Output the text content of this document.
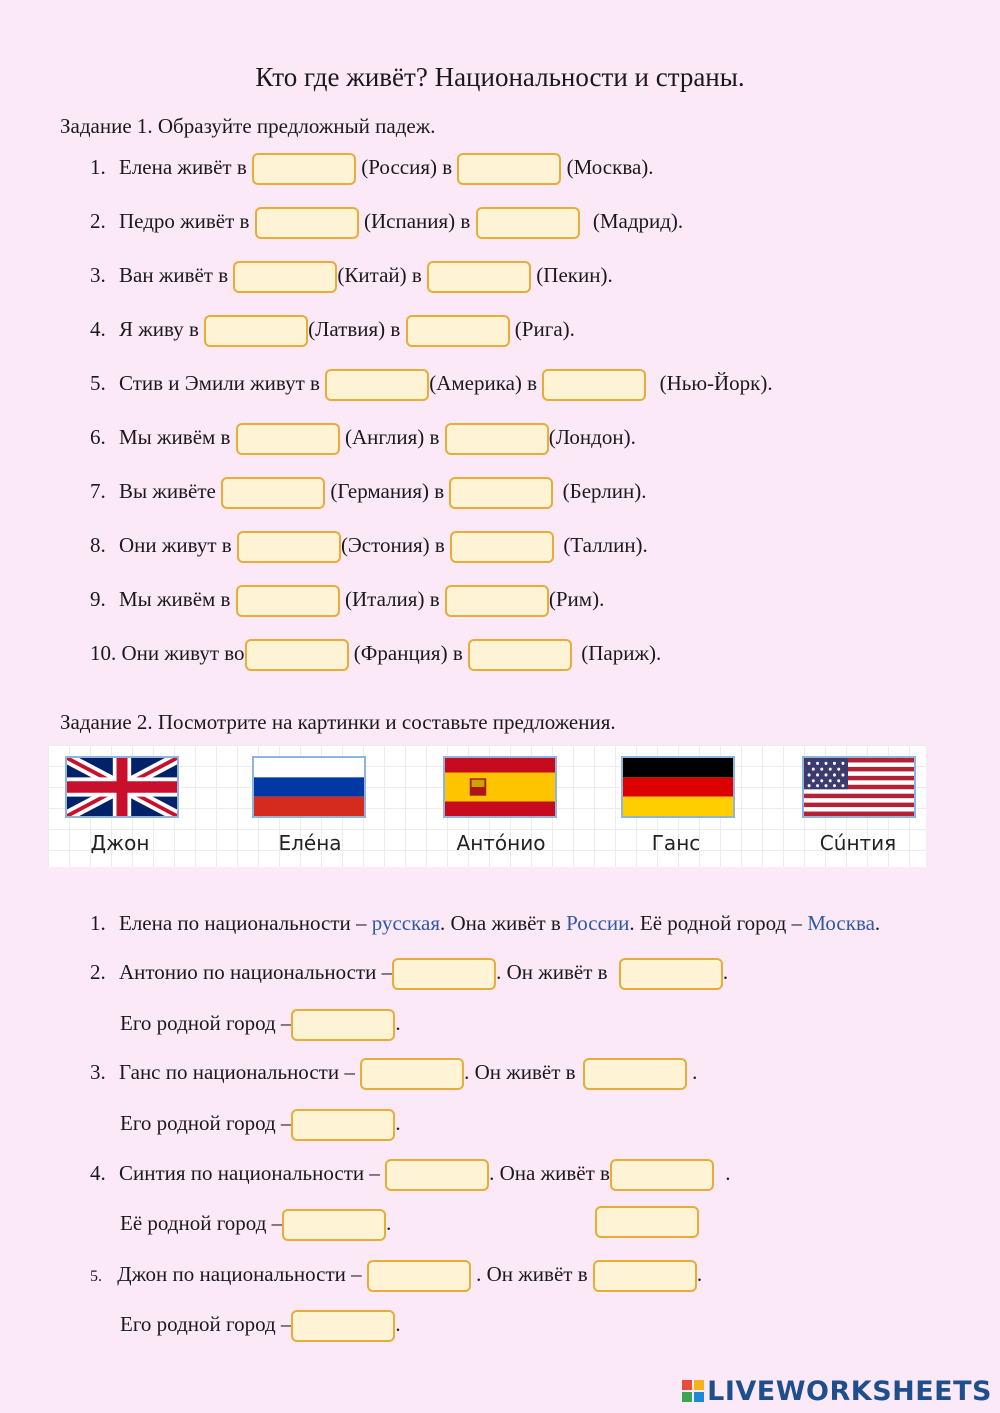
Кто где живёт? Национальности и страны.
Задание 1. Образуйте предложный падеж.
1. Елена живёт в	(Россия) в	(Москва).
2. Педро живёт в	(Испания) в	(Мадрид).
3. Ван живёт в	(Китай) в	(Пекин).
4. Я живу в	(Латвия) в	(Рига).
5. Стив и Эмили живут в	(Америка) в	(Нью-Йорк).
6. Мы живём в	(Англия) в	(Лондон).
7. Вы живёте	(Германия) в	(Берлин).
8. Они живут в	(Эстония) в	(Таллин).
9. Мы живём в	(Италия) в	(Рим).
10. Они живут во	(Франция) в	(Париж).
Задание 2. Посмотрите на картинки и составьте предложения.
Джон	Елéна	Антóнио	Ганс	Сúнтия
1. Елена по национальности – русская. Она живёт в России. Её родной город – Москва.
2. Антонио по национальности –	. Он живёт в	.
Его родной город –	.
3. Ганс по национальности –	. Он живёт в	.
Его родной город –	.
4. Синтия по национальности –	. Она живёт в	.
Её родной город –	.
5. Джон по национальности –	. Он живёт в	.
Его родной город –	.
LIVEWORKSHEETS
